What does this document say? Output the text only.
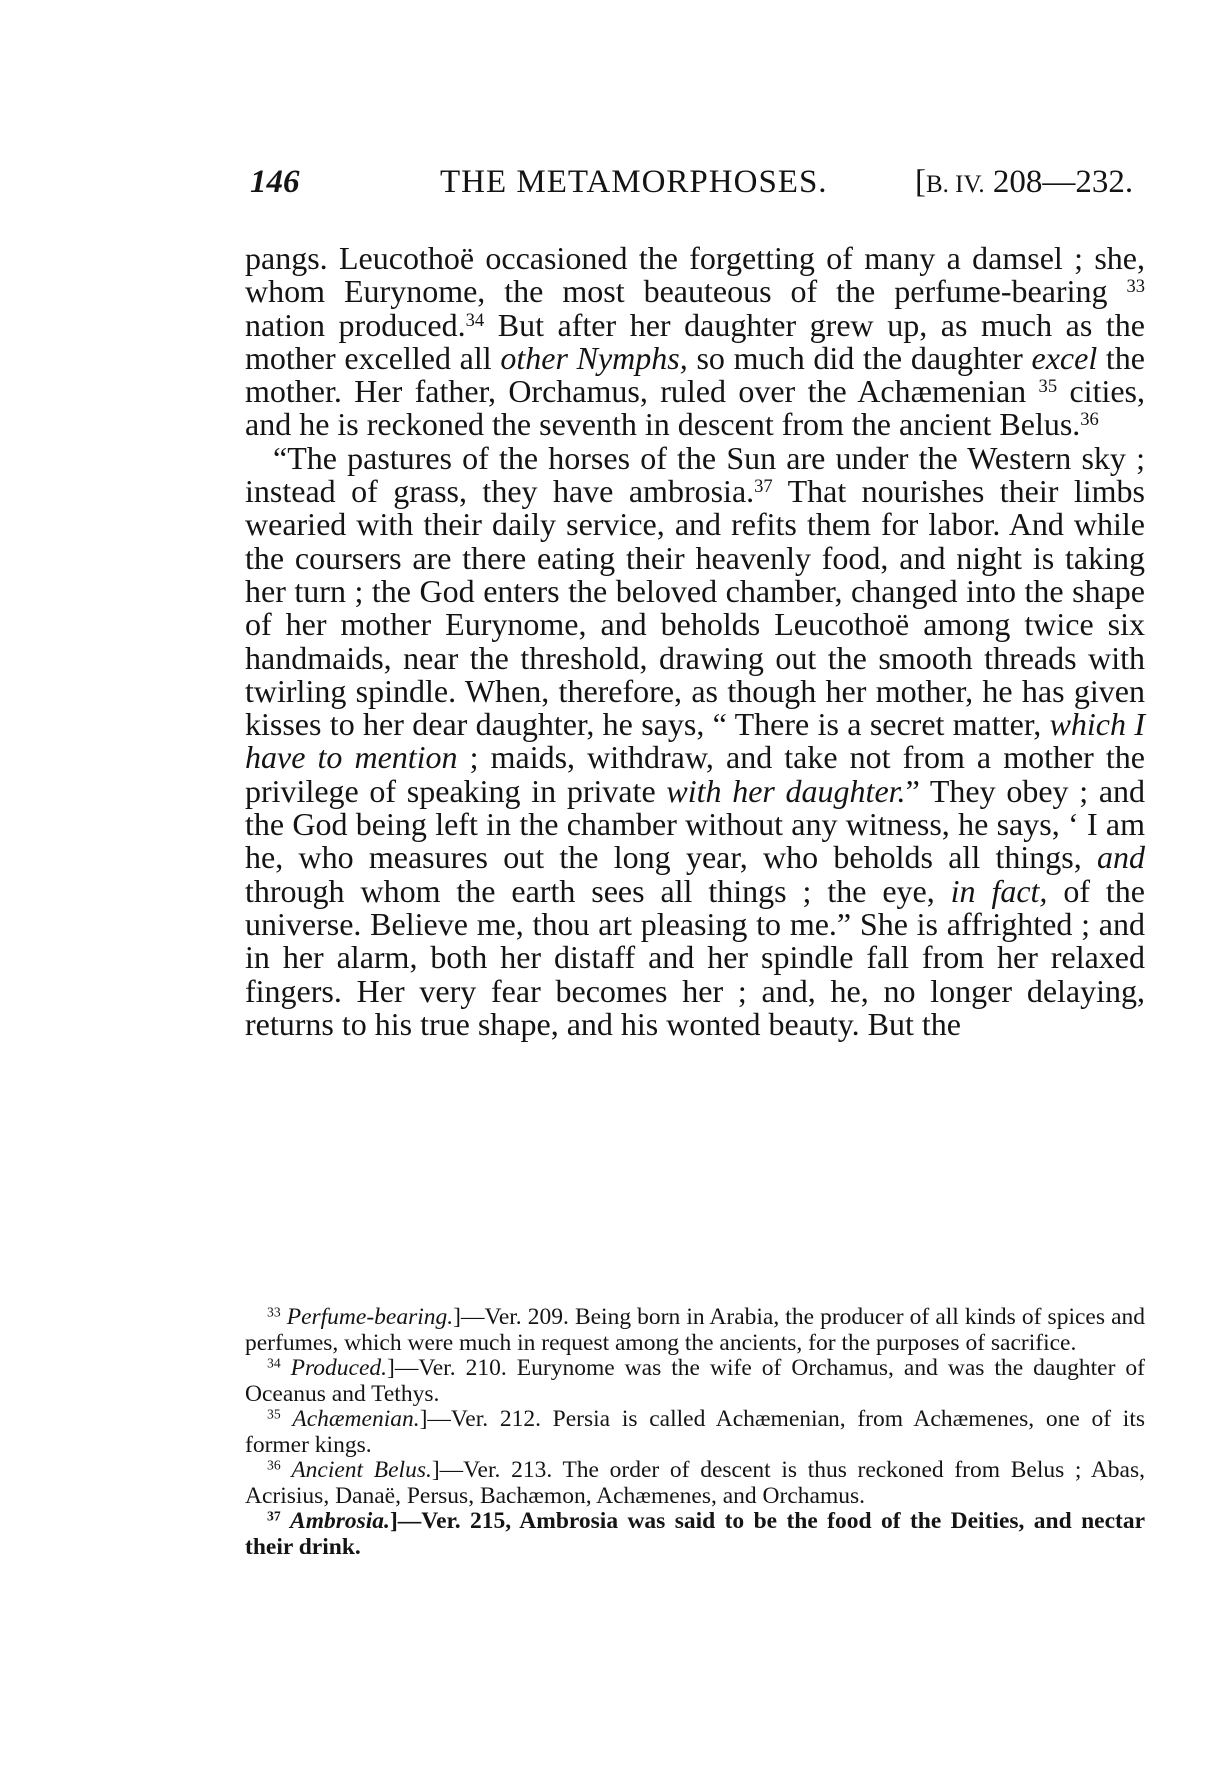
146	THE METAMORPHOSES.	[B. IV. 208—232.

pangs. Leucothoë occasioned the forgetting of many a damsel ; she, whom Eurynome, the most beauteous of the perfume-bearing $^{33}$ nation produced.$^{34}$ But after her daughter grew up, as much as the mother excelled all other Nymphs, so much did the daughter excel the mother. Her father, Orchamus, ruled over the Achæmenian $^{35}$ cities, and he is reckoned the seventh in descent from the ancient Belus.$^{36}$

“The pastures of the horses of the Sun are under the Western sky ; instead of grass, they have ambrosia.$^{37}$ That nourishes their limbs wearied with their daily service, and refits them for labor. And while the coursers are there eating their heavenly food, and night is taking her turn ; the God enters the beloved chamber, changed into the shape of her mother Eurynome, and beholds Leucothoë among twice six handmaids, near the threshold, drawing out the smooth threads with twirling spindle. When, therefore, as though her mother, he has given kisses to her dear daughter, he says, “ There is a secret matter, which I have to mention ; maids, withdraw, and take not from a mother the privilege of speaking in private with her daughter.” They obey ; and the God being left in the chamber without any witness, he says, ‘ I am he, who measures out the long year, who beholds all things, and through whom the earth sees all things ; the eye, in fact, of the universe. Believe me, thou art pleasing to me.” She is affrighted ; and in her alarm, both her distaff and her spindle fall from her relaxed fingers. Her very fear becomes her ; and, he, no longer delaying, returns to his true shape, and his wonted beauty. But the

$^{33}$ Perfume-bearing.]—Ver. 209. Being born in Arabia, the producer of all kinds of spices and perfumes, which were much in request among the ancients, for the purposes of sacrifice.

$^{34}$ Produced.]—Ver. 210. Eurynome was the wife of Orchamus, and was the daughter of Oceanus and Tethys.

$^{35}$ Achæmenian.]—Ver. 212. Persia is called Achæmenian, from Achæmenes, one of its former kings.

$^{36}$ Ancient Belus.]—Ver. 213. The order of descent is thus reckoned from Belus ; Abas, Acrisius, Danaë, Persus, Bachæmon, Achæmenes, and Orchamus.

$^{37}$ Ambrosia.]—Ver. 215, Ambrosia was said to be the food of the Deities, and nectar their drink.
